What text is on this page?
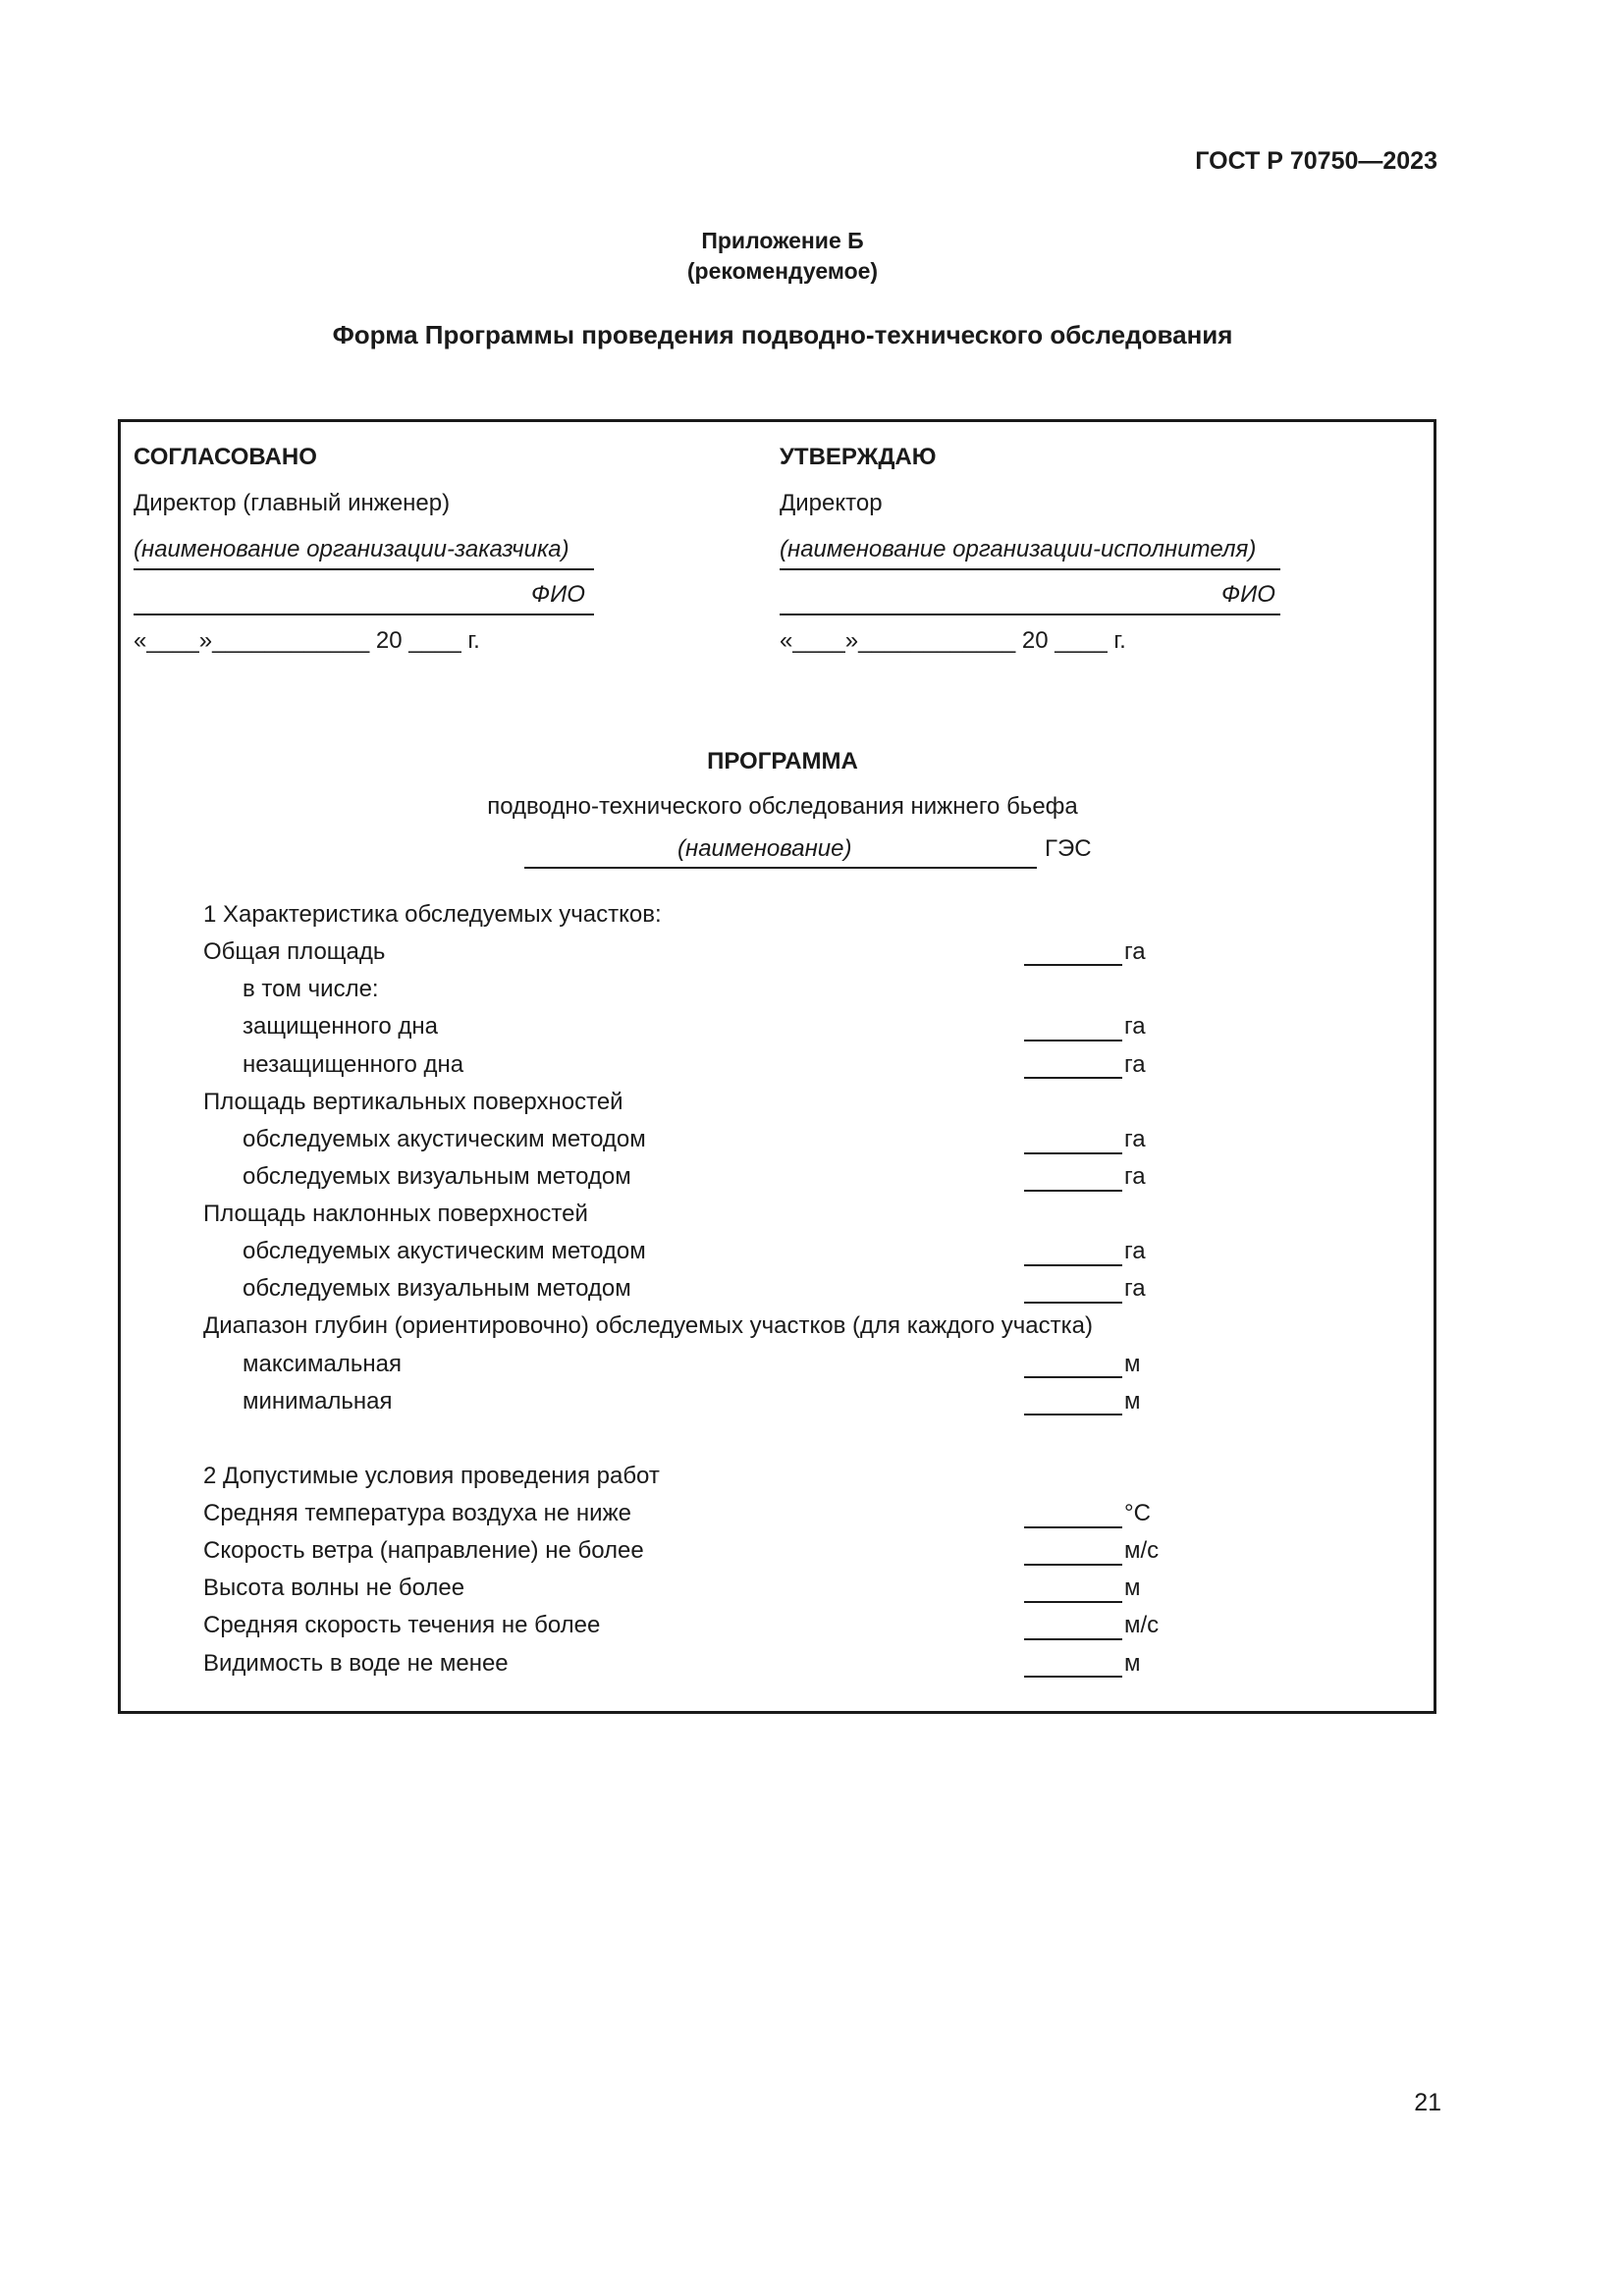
ГОСТ Р 70750—2023
Приложение Б
(рекомендуемое)
Форма Программы проведения подводно-технического обследования
СОГЛАСОВАНО
Директор (главный инженер)
(наименование организации-заказчика)
ФИО
«____»____________ 20 ____ г.
УТВЕРЖДАЮ
Директор
(наименование организации-исполнителя)
ФИО
«____»____________ 20 ____ г.
ПРОГРАММА
подводно-технического обследования нижнего бьефа
(наименование)	ГЭС
1 Характеристика обследуемых участков:
Общая площадь	га
в том числе:
защищенного дна	га
незащищенного дна	га
Площадь вертикальных поверхностей
обследуемых акустическим методом	га
обследуемых визуальным методом	га
Площадь наклонных поверхностей
обследуемых акустическим методом	га
обследуемых визуальным методом	га
Диапазон глубин (ориентировочно) обследуемых участков (для каждого участка)
максимальная	м
минимальная	м
2 Допустимые условия проведения работ
Средняя температура воздуха не ниже	°C
Скорость ветра (направление) не более	м/с
Высота волны не более	м
Средняя скорость течения не более	м/с
Видимость в воде не менее	м
21
